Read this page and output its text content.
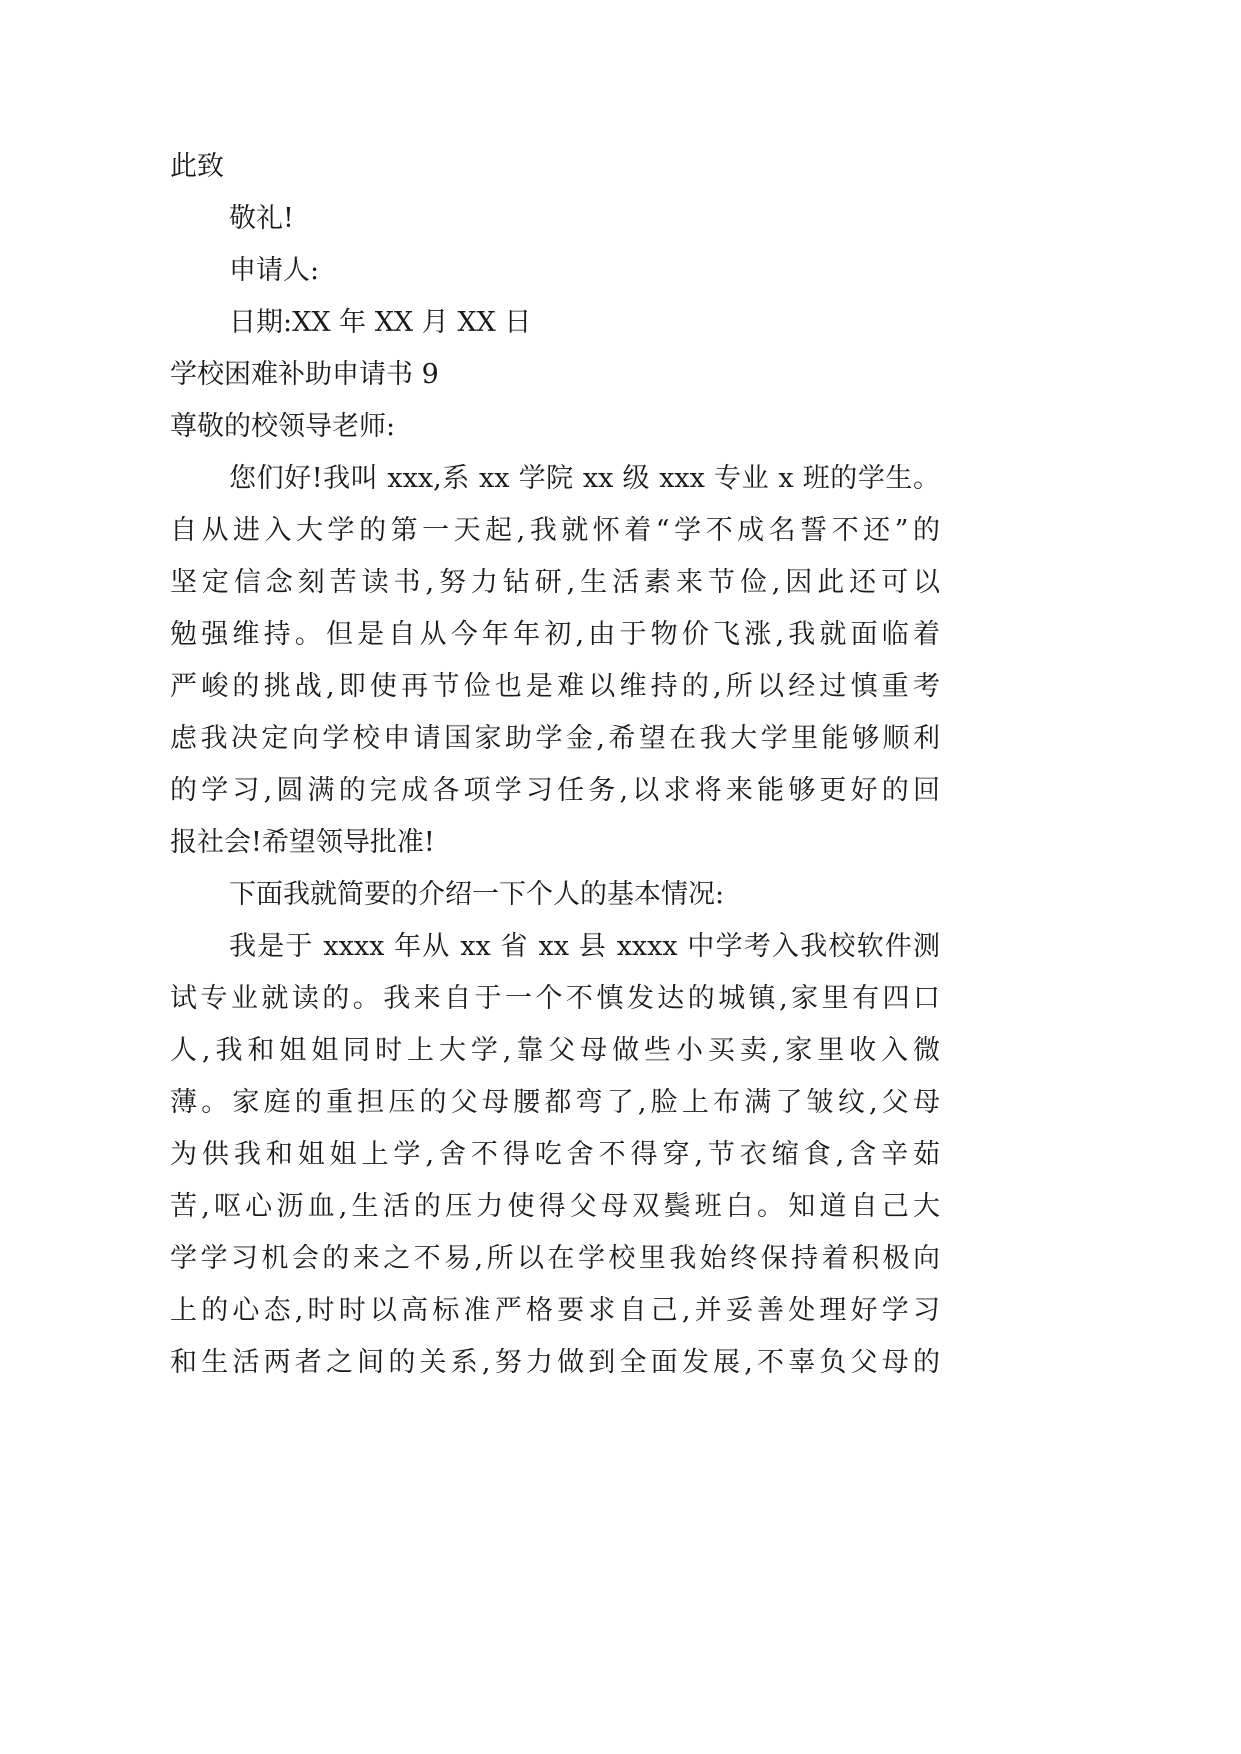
此致
敬礼!
申请人:
日期:XX 年 XX 月 XX 日
学校困难补助申请书 9
尊敬的校领导老师:
您们好!我叫 xxx,系 xx 学院 xx 级 xxx 专业 x 班的学生。
自从进入大学的第一天起,我就怀着“学不成名誓不还”的
坚定信念刻苦读书,努力钻研,生活素来节俭,因此还可以
勉强维持。但是自从今年年初,由于物价飞涨,我就面临着
严峻的挑战,即使再节俭也是难以维持的,所以经过慎重考
虑我决定向学校申请国家助学金,希望在我大学里能够顺利
的学习,圆满的完成各项学习任务,以求将来能够更好的回
报社会!希望领导批准!
下面我就简要的介绍一下个人的基本情况:
我是于 xxxx 年从 xx 省 xx 县 xxxx 中学考入我校软件测
试专业就读的。我来自于一个不慎发达的城镇,家里有四口
人,我和姐姐同时上大学,靠父母做些小买卖,家里收入微
薄。家庭的重担压的父母腰都弯了,脸上布满了皱纹,父母
为供我和姐姐上学,舍不得吃舍不得穿,节衣缩食,含辛茹
苦,呕心沥血,生活的压力使得父母双鬓班白。知道自己大
学学习机会的来之不易,所以在学校里我始终保持着积极向
上的心态,时时以高标准严格要求自己,并妥善处理好学习
和生活两者之间的关系,努力做到全面发展,不辜负父母的
